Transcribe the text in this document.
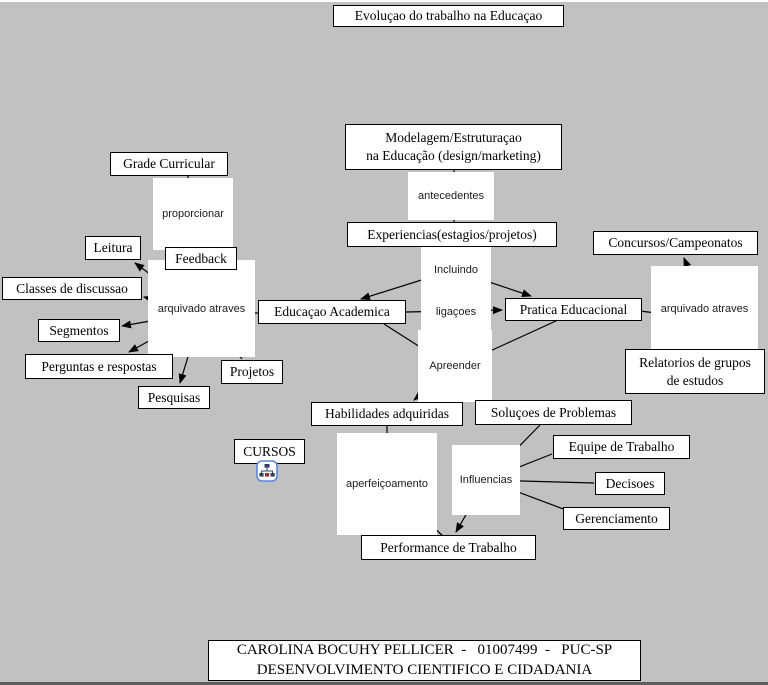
Evoluçao do trabalho na Educaçao
proporcionar
arquivado atraves
antecedentes
Incluindo
ligaçoes
Apreender
arquivado atraves
aperfeiçoamento	Influencias
Grade Curricular
Leitura
Feedback
Classes de discussao
Segmentos
Perguntas e respostas	Projetos
Pesquisas
Modelagem/Estruturaçao
na Educação (design/marketing)
Experiencias(estagios/projetos)
Educaçao Academica	Pratica Educacional
Concursos/Campeonatos
Relatorios de grupos
de estudos
Habilidades adquiridas	Soluçoes de Problemas
CURSOS	Equipe de Trabalho
Decisoes
Gerenciamento
Performance de Trabalho
CAROLINA BOCUHY PELLICER  -   01007499  -   PUC-SP
DESENVOLVIMENTO CIENTIFICO E CIDADANIA
